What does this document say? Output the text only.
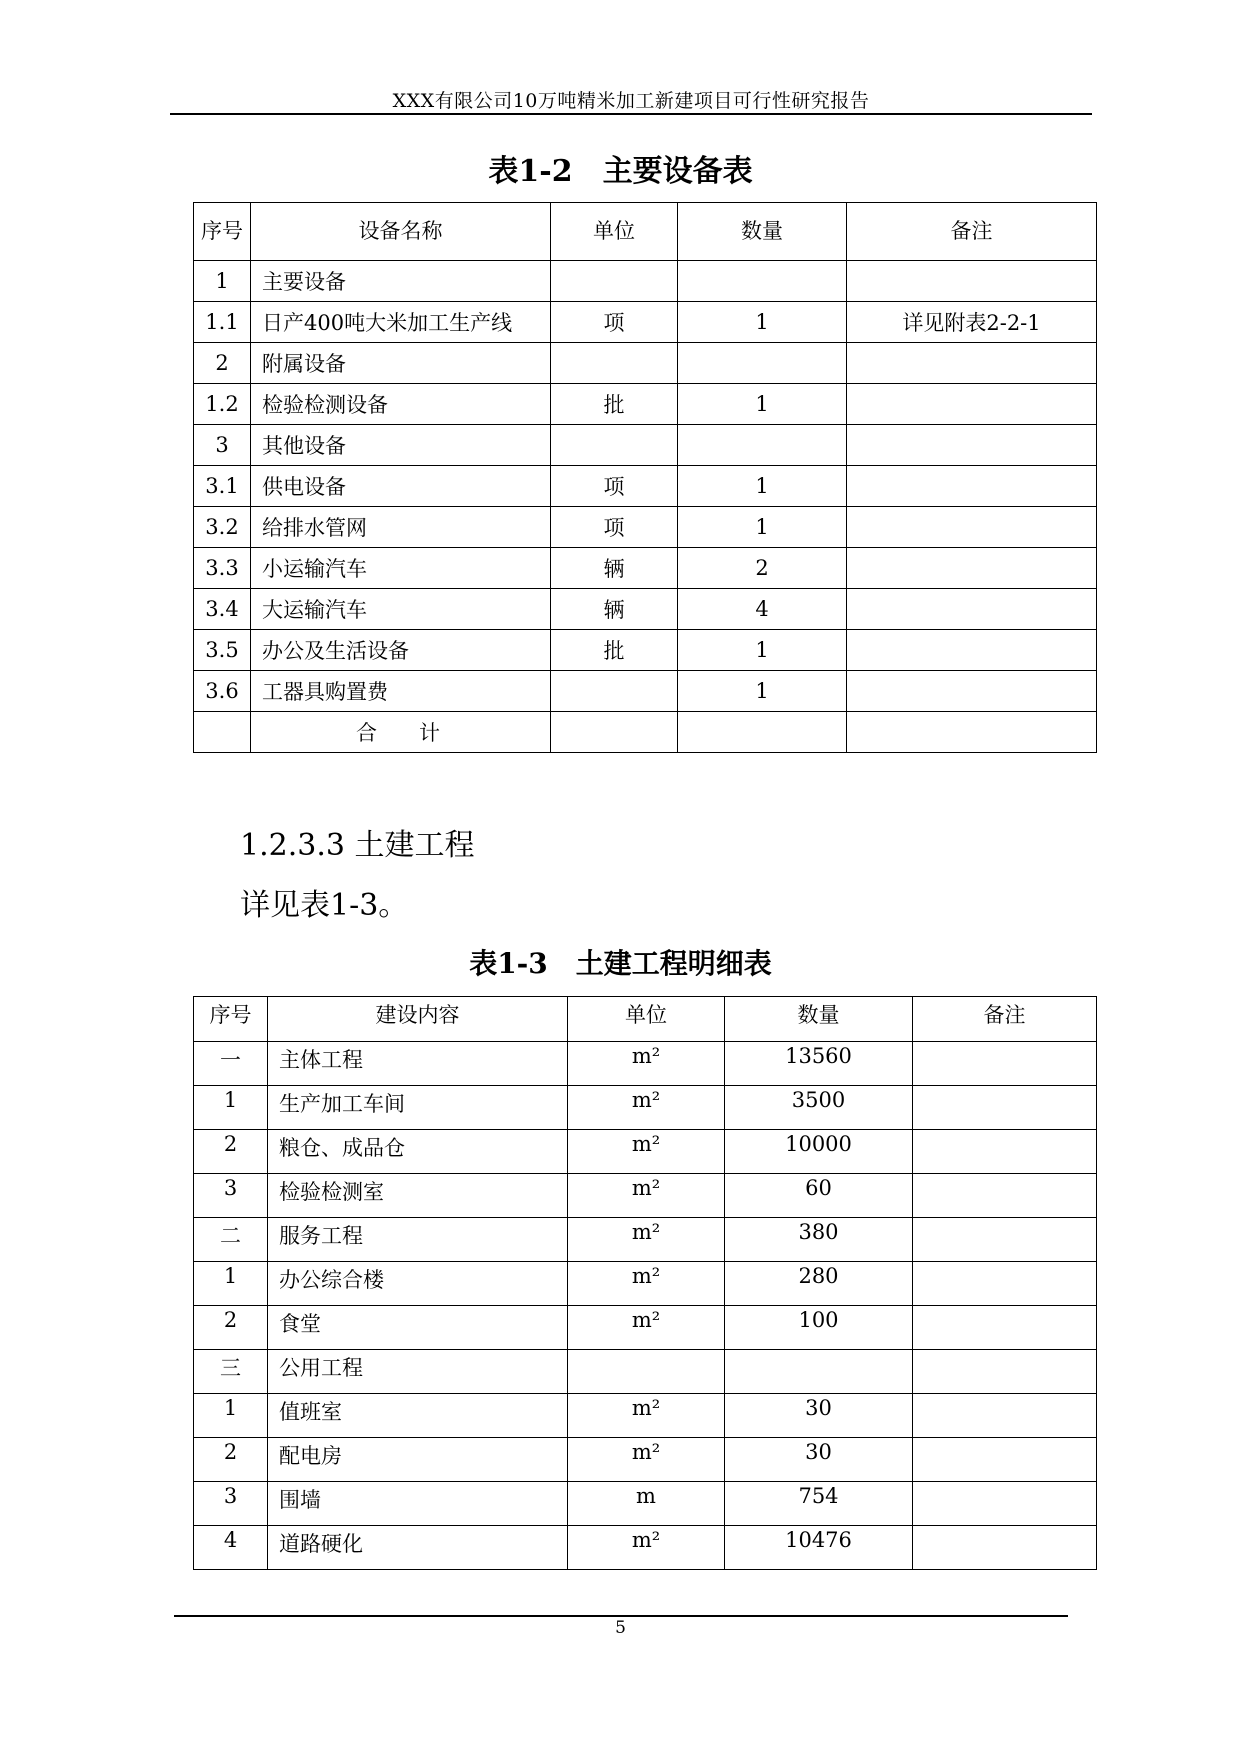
XXX有限公司10万吨精米加工新建项目可行性研究报告
表1-2　主要设备表
序号	设备名称	单位	数量	备注
1	主要设备			
1.1	日产400吨大米加工生产线	项	1	详见附表2-2-1
2	附属设备			
1.2	检验检测设备	批	1	
3	其他设备			
3.1	供电设备	项	1	
3.2	给排水管网	项	1	
3.3	小运输汽车	辆	2	
3.4	大运输汽车	辆	4	
3.5	办公及生活设备	批	1	
3.6	工器具购置费		1	
	合　　计			
1.2.3.3 土建工程
详见表1-3。
表1-3　土建工程明细表
序号	建设内容	单位	数量	备注
一	主体工程	m²	13560	
1	生产加工车间	m²	3500	
2	粮仓、成品仓	m²	10000	
3	检验检测室	m²	60	
二	服务工程	m²	380	
1	办公综合楼	m²	280	
2	食堂	m²	100	
三	公用工程			
1	值班室	m²	30	
2	配电房	m²	30	
3	围墙	m	754	
4	道路硬化	m²	10476	
5
